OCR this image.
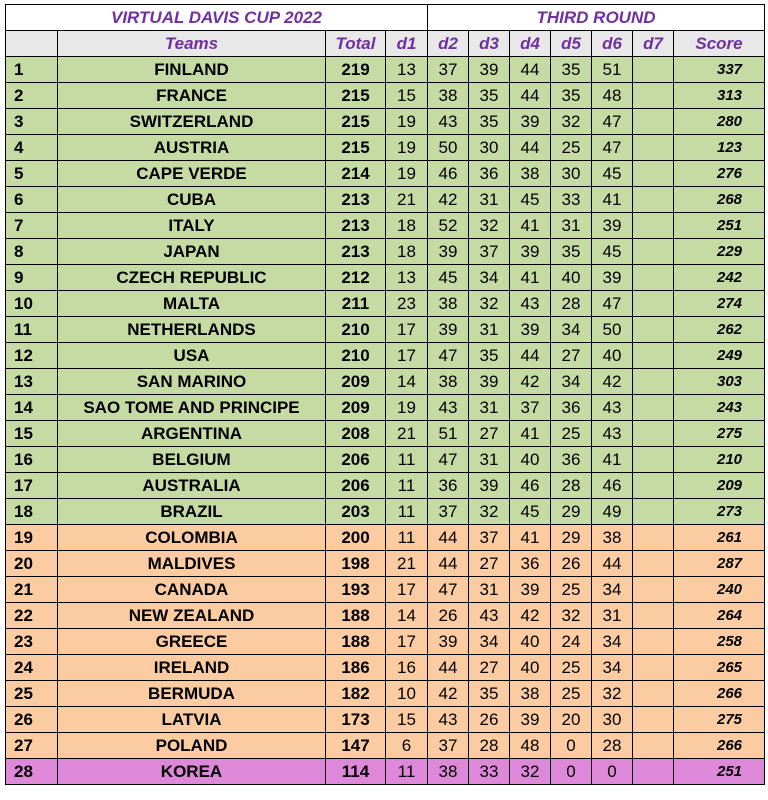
VIRTUAL DAVIS CUP 2022				THIRD ROUND						
	Teams	Total	d1	d2	d3	d4	d5	d6	d7	Score
1	FINLAND	219	13	37	39	44	35	51		337
2	FRANCE	215	15	38	35	44	35	48		313
3	SWITZERLAND	215	19	43	35	39	32	47		280
4	AUSTRIA	215	19	50	30	44	25	47		123
5	CAPE VERDE	214	19	46	36	38	30	45		276
6	CUBA	213	21	42	31	45	33	41		268
7	ITALY	213	18	52	32	41	31	39		251
8	JAPAN	213	18	39	37	39	35	45		229
9	CZECH REPUBLIC	212	13	45	34	41	40	39		242
10	MALTA	211	23	38	32	43	28	47		274
11	NETHERLANDS	210	17	39	31	39	34	50		262
12	USA	210	17	47	35	44	27	40		249
13	SAN MARINO	209	14	38	39	42	34	42		303
14	SAO TOME AND PRINCIPE	209	19	43	31	37	36	43		243
15	ARGENTINA	208	21	51	27	41	25	43		275
16	BELGIUM	206	11	47	31	40	36	41		210
17	AUSTRALIA	206	11	36	39	46	28	46		209
18	BRAZIL	203	11	37	32	45	29	49		273
19	COLOMBIA	200	11	44	37	41	29	38		261
20	MALDIVES	198	21	44	27	36	26	44		287
21	CANADA	193	17	47	31	39	25	34		240
22	NEW ZEALAND	188	14	26	43	42	32	31		264
23	GREECE	188	17	39	34	40	24	34		258
24	IRELAND	186	16	44	27	40	25	34		265
25	BERMUDA	182	10	42	35	38	25	32		266
26	LATVIA	173	15	43	26	39	20	30		275
27	POLAND	147	6	37	28	48	0	28		266
28	KOREA	114	11	38	33	32	0	0		251
